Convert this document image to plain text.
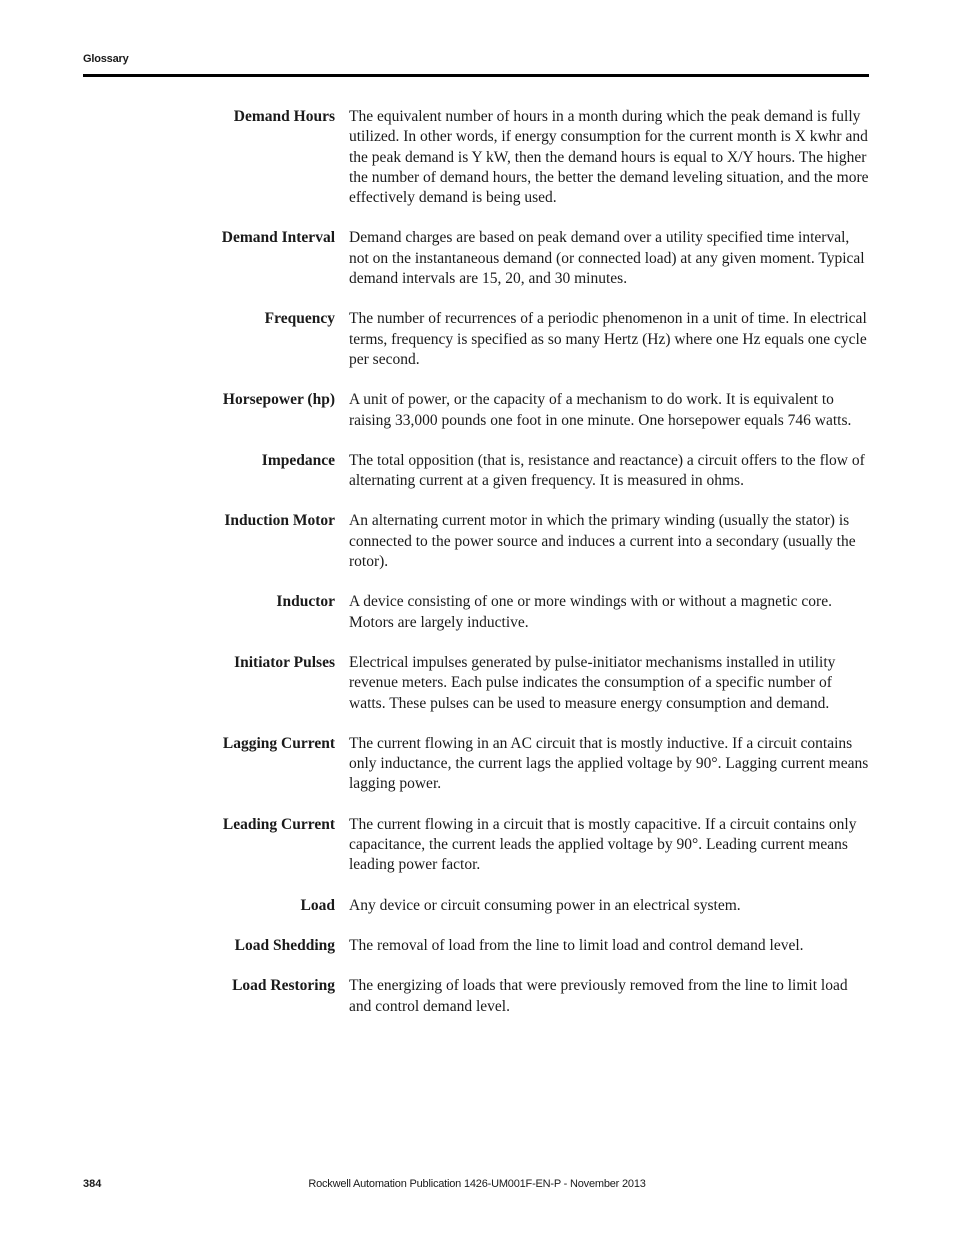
Glossary
Demand Hours The equivalent number of hours in a month during which the peak demand is fully utilized. In other words, if energy consumption for the current month is X kwhr and the peak demand is Y kW, then the demand hours is equal to X/Y hours. The higher the number of demand hours, the better the demand leveling situation, and the more effectively demand is being used.
Demand Interval Demand charges are based on peak demand over a utility specified time interval, not on the instantaneous demand (or connected load) at any given moment. Typical demand intervals are 15, 20, and 30 minutes.
Frequency The number of recurrences of a periodic phenomenon in a unit of time. In electrical terms, frequency is specified as so many Hertz (Hz) where one Hz equals one cycle per second.
Horsepower (hp) A unit of power, or the capacity of a mechanism to do work. It is equivalent to raising 33,000 pounds one foot in one minute. One horsepower equals 746 watts.
Impedance The total opposition (that is, resistance and reactance) a circuit offers to the flow of alternating current at a given frequency. It is measured in ohms.
Induction Motor An alternating current motor in which the primary winding (usually the stator) is connected to the power source and induces a current into a secondary (usually the rotor).
Inductor A device consisting of one or more windings with or without a magnetic core. Motors are largely inductive.
Initiator Pulses Electrical impulses generated by pulse-initiator mechanisms installed in utility revenue meters. Each pulse indicates the consumption of a specific number of watts. These pulses can be used to measure energy consumption and demand.
Lagging Current The current flowing in an AC circuit that is mostly inductive. If a circuit contains only inductance, the current lags the applied voltage by 90°. Lagging current means lagging power.
Leading Current The current flowing in a circuit that is mostly capacitive. If a circuit contains only capacitance, the current leads the applied voltage by 90°. Leading current means leading power factor.
Load Any device or circuit consuming power in an electrical system.
Load Shedding The removal of load from the line to limit load and control demand level.
Load Restoring The energizing of loads that were previously removed from the line to limit load and control demand level.
384	Rockwell Automation Publication 1426-UM001F-EN-P - November 2013
